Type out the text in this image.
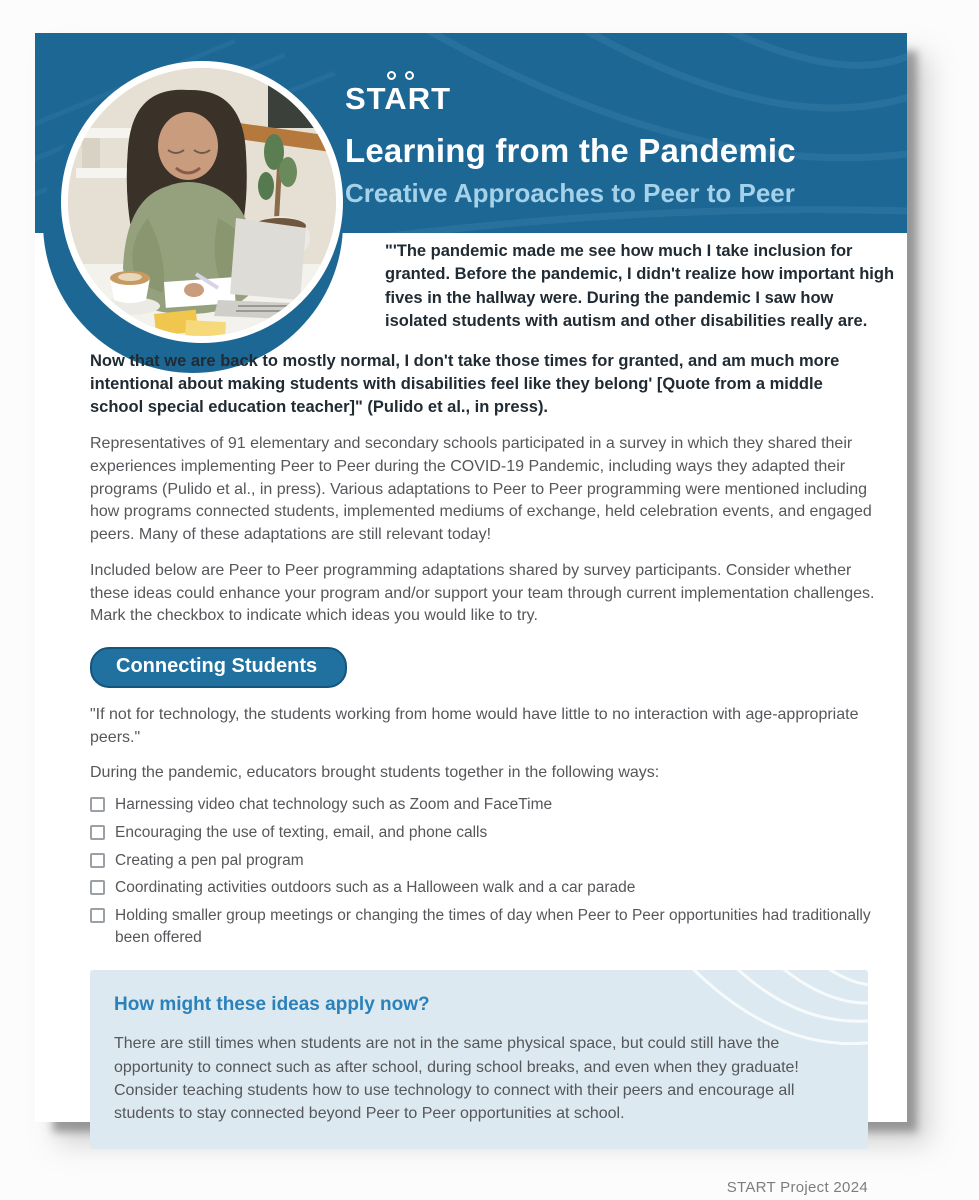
START
Learning from the Pandemic
Creative Approaches to Peer to Peer
"'The pandemic made me see how much I take inclusion for granted. Before the pandemic, I didn't realize how important high fives in the hallway were. During the pandemic I saw how isolated students with autism and other disabilities really are.

Now that we are back to mostly normal, I don't take those times for granted, and am much more intentional about making students with disabilities feel like they belong' [Quote from a middle school special education teacher]" (Pulido et al., in press).

Representatives of 91 elementary and secondary schools participated in a survey in which they shared their experiences implementing Peer to Peer during the COVID-19 Pandemic, including ways they adapted their programs (Pulido et al., in press). Various adaptations to Peer to Peer programming were mentioned including how programs connected students, implemented mediums of exchange, held celebration events, and engaged peers. Many of these adaptations are still relevant today!

Included below are Peer to Peer programming adaptations shared by survey participants. Consider whether these ideas could enhance your program and/or support your team through current implementation challenges. Mark the checkbox to indicate which ideas you would like to try.

Connecting Students

"If not for technology, the students working from home would have little to no interaction with age-appropriate peers."

During the pandemic, educators brought students together in the following ways:

Harnessing video chat technology such as Zoom and FaceTime
Encouraging the use of texting, email, and phone calls
Creating a pen pal program
Coordinating activities outdoors such as a Halloween walk and a car parade
Holding smaller group meetings or changing the times of day when Peer to Peer opportunities had traditionally been offered
How might these ideas apply now?

There are still times when students are not in the same physical space, but could still have the opportunity to connect such as after school, during school breaks, and even when they graduate! Consider teaching students how to use technology to connect with their peers and encourage all students to stay connected beyond Peer to Peer opportunities at school.

START Project 2024
